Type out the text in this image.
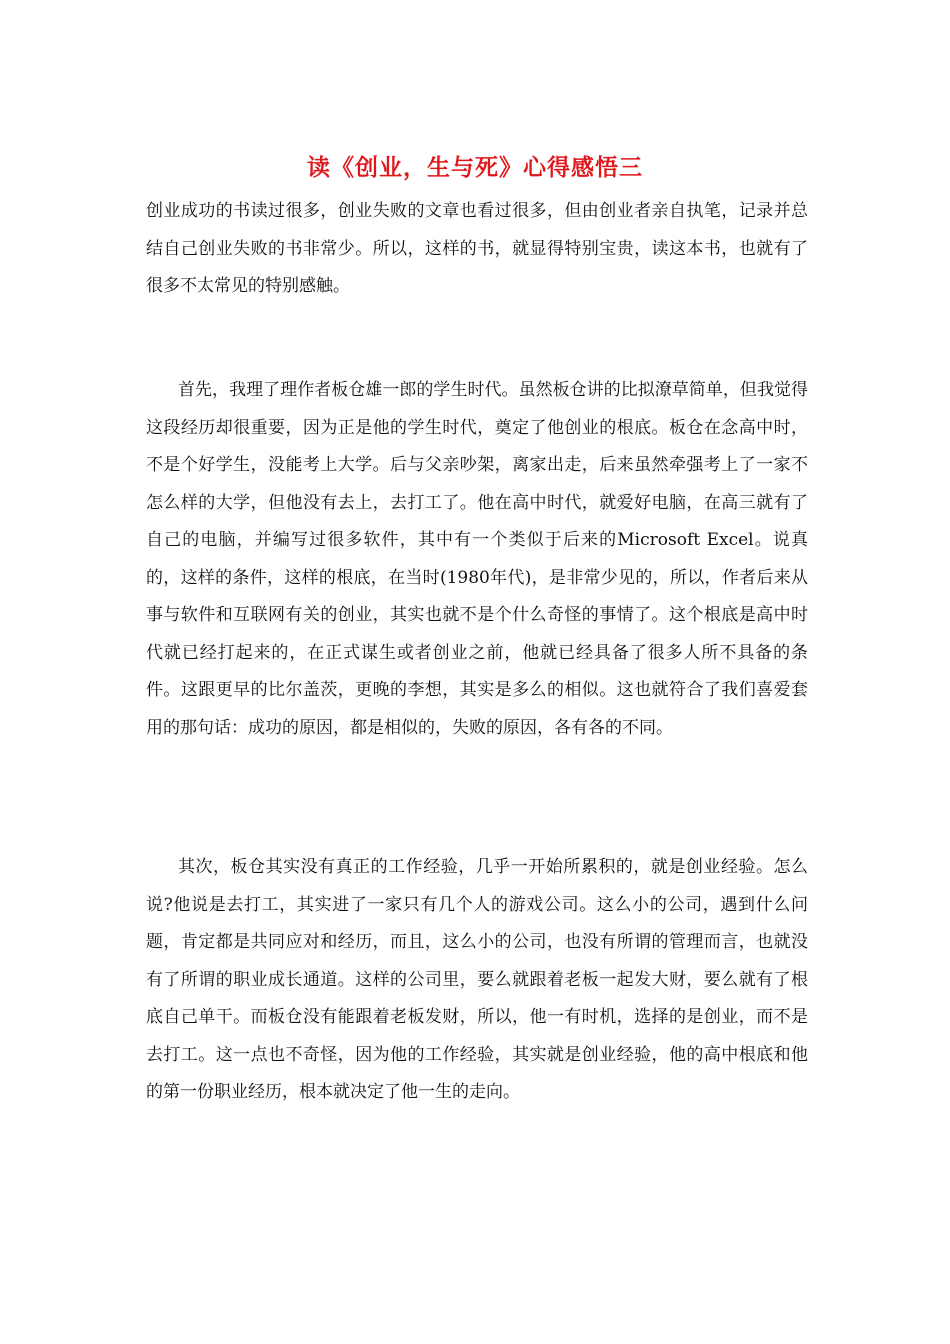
读《创业，生与死》心得感悟三

创业成功的书读过很多，创业失败的文章也看过很多，但由创业者亲自执笔，记录并总结自己创业失败的书非常少。所以，这样的书，就显得特别宝贵，读这本书，也就有了很多不太常见的特别感触。

首先，我理了理作者板仓雄一郎的学生时代。虽然板仓讲的比拟潦草简单，但我觉得这段经历却很重要，因为正是他的学生时代，奠定了他创业的根底。板仓在念高中时，不是个好学生，没能考上大学。后与父亲吵架，离家出走，后来虽然牵强考上了一家不怎么样的大学，但他没有去上，去打工了。他在高中时代，就爱好电脑，在高三就有了自己的电脑，并编写过很多软件，其中有一个类似于后来的Microsoft Excel。说真的，这样的条件，这样的根底，在当时(1980年代)，是非常少见的，所以，作者后来从事与软件和互联网有关的创业，其实也就不是个什么奇怪的事情了。这个根底是高中时代就已经打起来的，在正式谋生或者创业之前，他就已经具备了很多人所不具备的条件。这跟更早的比尔盖茨，更晚的李想，其实是多么的相似。这也就符合了我们喜爱套用的那句话：成功的原因，都是相似的，失败的原因，各有各的不同。

其次，板仓其实没有真正的工作经验，几乎一开始所累积的，就是创业经验。怎么说?他说是去打工，其实进了一家只有几个人的游戏公司。这么小的公司，遇到什么问题，肯定都是共同应对和经历，而且，这么小的公司，也没有所谓的管理而言，也就没有了所谓的职业成长通道。这样的公司里，要么就跟着老板一起发大财，要么就有了根底自己单干。而板仓没有能跟着老板发财，所以，他一有时机，选择的是创业，而不是去打工。这一点也不奇怪，因为他的工作经验，其实就是创业经验，他的高中根底和他的第一份职业经历，根本就决定了他一生的走向。
